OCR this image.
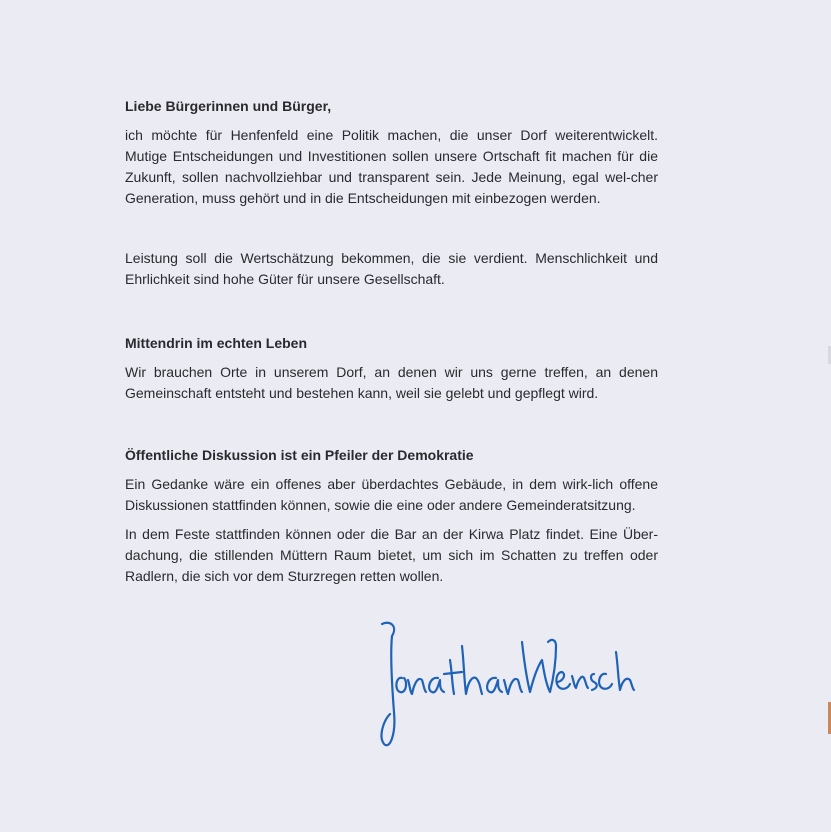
Liebe Bürgerinnen und Bürger,

ich möchte für Henfenfeld eine Politik machen, die unser Dorf weiterentwickelt. Mutige Entscheidungen und Investitionen sollen unsere Ortschaft fit machen für die Zukunft, sollen nachvollziehbar und transparent sein. Jede Meinung, egal wel-cher Generation, muss gehört und in die Entscheidungen mit einbezogen werden.

Leistung soll die Wertschätzung bekommen, die sie verdient. Menschlichkeit und Ehrlichkeit sind hohe Güter für unsere Gesellschaft.

Mittendrin im echten Leben

Wir brauchen Orte in unserem Dorf, an denen wir uns gerne treffen, an denen Gemeinschaft entsteht und bestehen kann, weil sie gelebt und gepflegt wird.

Öffentliche Diskussion ist ein Pfeiler der Demokratie

Ein Gedanke wäre ein offenes aber überdachtes Gebäude, in dem wirk-lich offene Diskussionen stattfinden können, sowie die eine oder andere Gemeinderatsitzung.

In dem Feste stattfinden können oder die Bar an der Kirwa Platz findet. Eine Über-dachung, die stillenden Müttern Raum bietet, um sich im Schatten zu treffen oder Radlern, die sich vor dem Sturzregen retten wollen.
